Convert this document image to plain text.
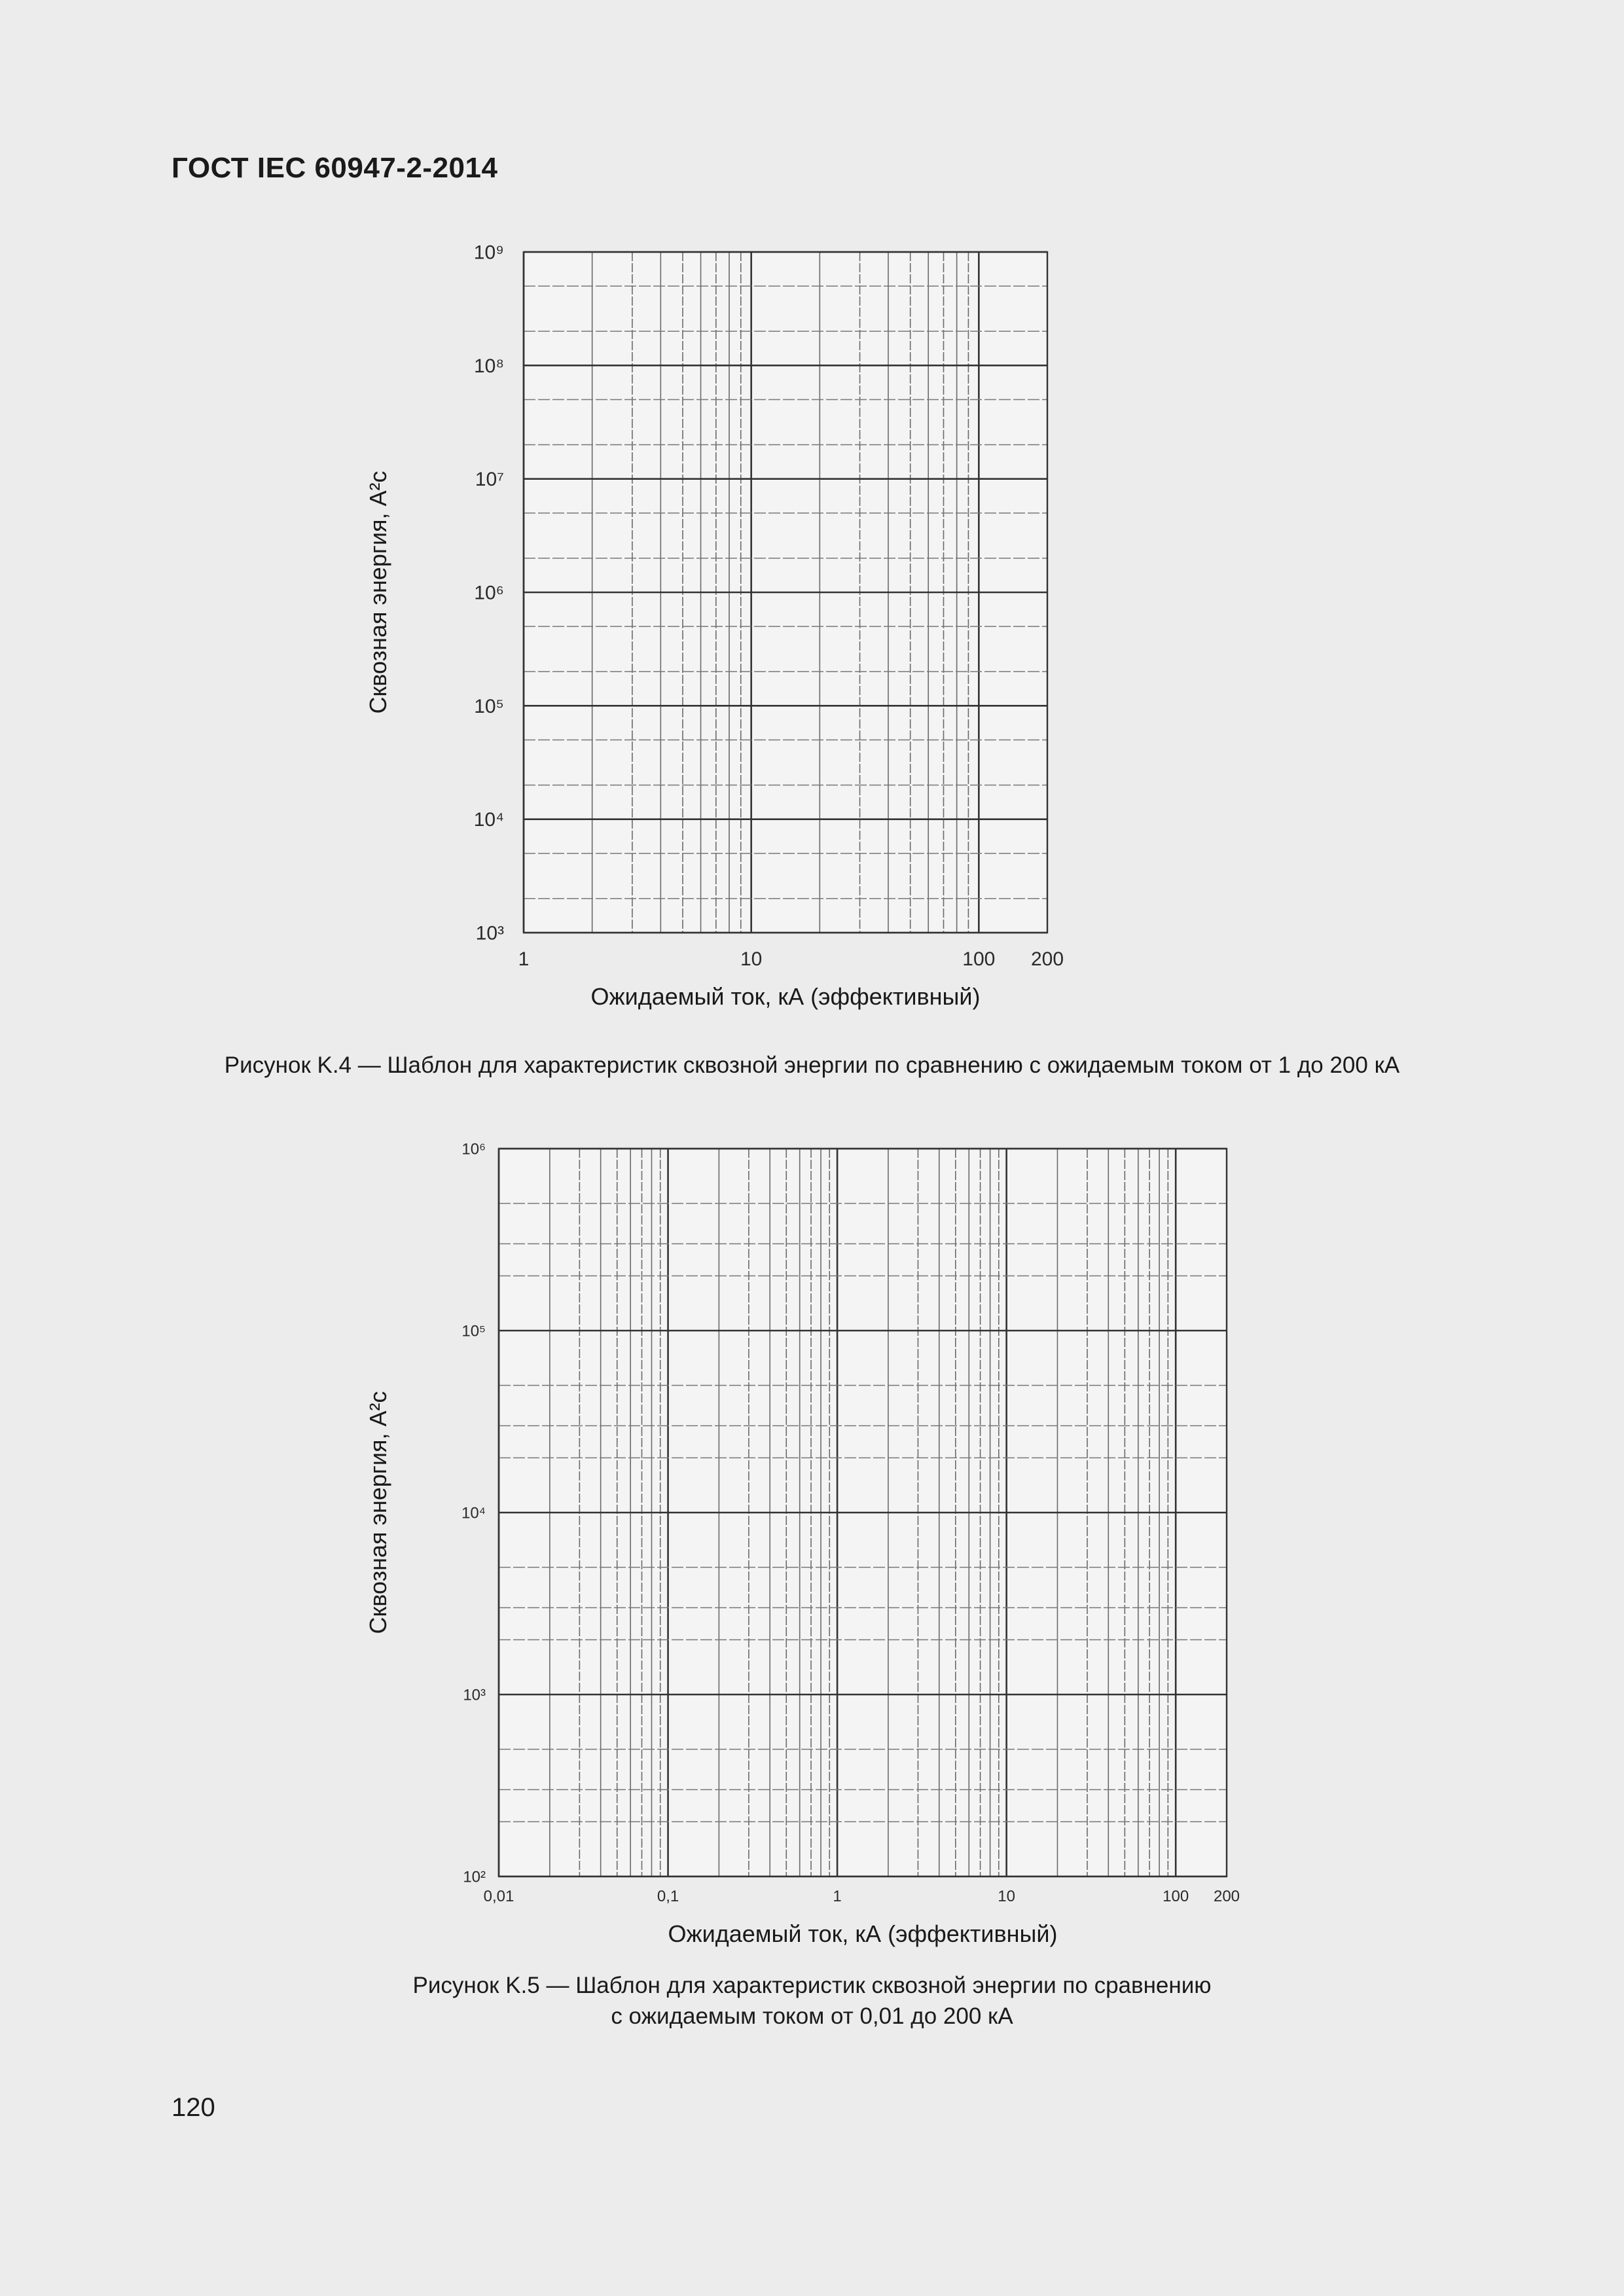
ГОСТ IEC 60947-2-2014
10³
10⁴
10⁵
10⁶
10⁷
10⁸
10⁹
1	10	100 200
Ожидаемый ток, кА (эффективный)
Сквозная энергия, A²c
10²
10³
10⁴
10⁵
10⁶
0,01	0,1	1	10	100 200
Ожидаемый ток, кА (эффективный)
Сквозная энергия, A²c
Рисунок K.4 — Шаблон для характеристик сквозной энергии по сравнению с ожидаемым током от 1 до 200 кА
Рисунок K.5 — Шаблон для характеристик сквозной энергии по сравнению
с ожидаемым током от 0,01 до 200 кА
120
